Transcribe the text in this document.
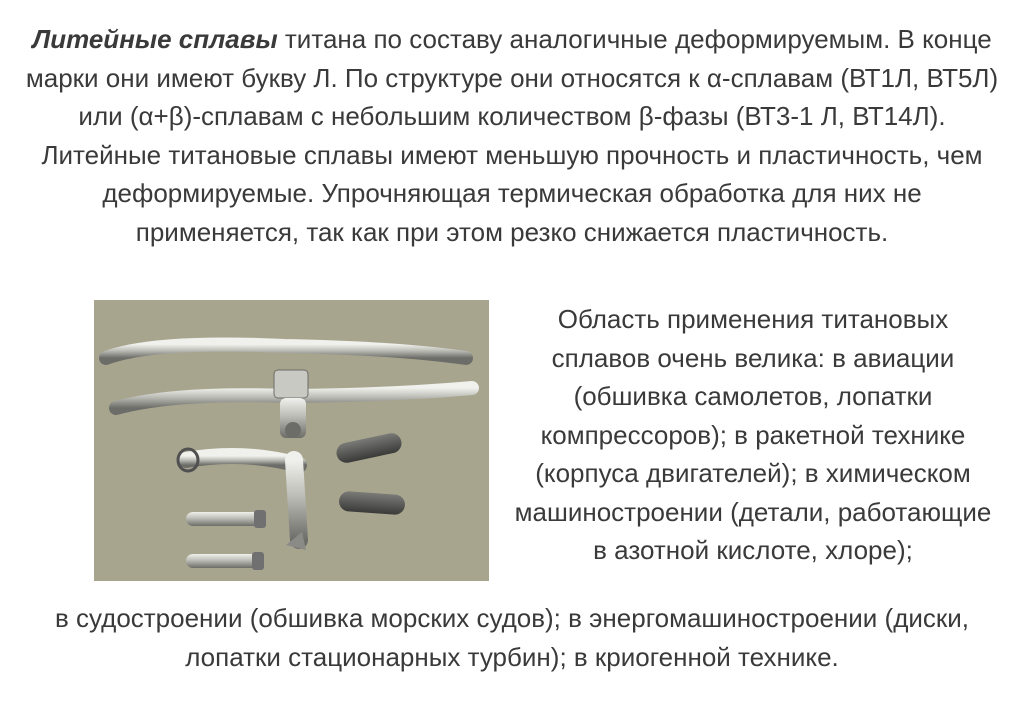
Литейные сплавы титана по составу аналогичные деформируемым. В конце марки они имеют букву Л. По структуре они относятся к α-сплавам (ВТ1Л, ВТ5Л) или (α+β)-сплавам с небольшим количеством β-фазы (ВТ3-1 Л, ВТ14Л). Литейные титановые сплавы имеют меньшую прочность и пластичность, чем деформируемые. Упрочняющая термическая обработка для них не применяется, так как при этом резко снижается пластичность.

Область применения титановых сплавов очень велика: в авиации (обшивка самолетов, лопатки компрессоров); в ракетной технике (корпуса двигателей); в химическом машиностроении (детали, работающие в азотной кислоте, хлоре);

в судостроении (обшивка морских судов); в энергомашиностроении (диски, лопатки стационарных турбин); в криогенной технике.
